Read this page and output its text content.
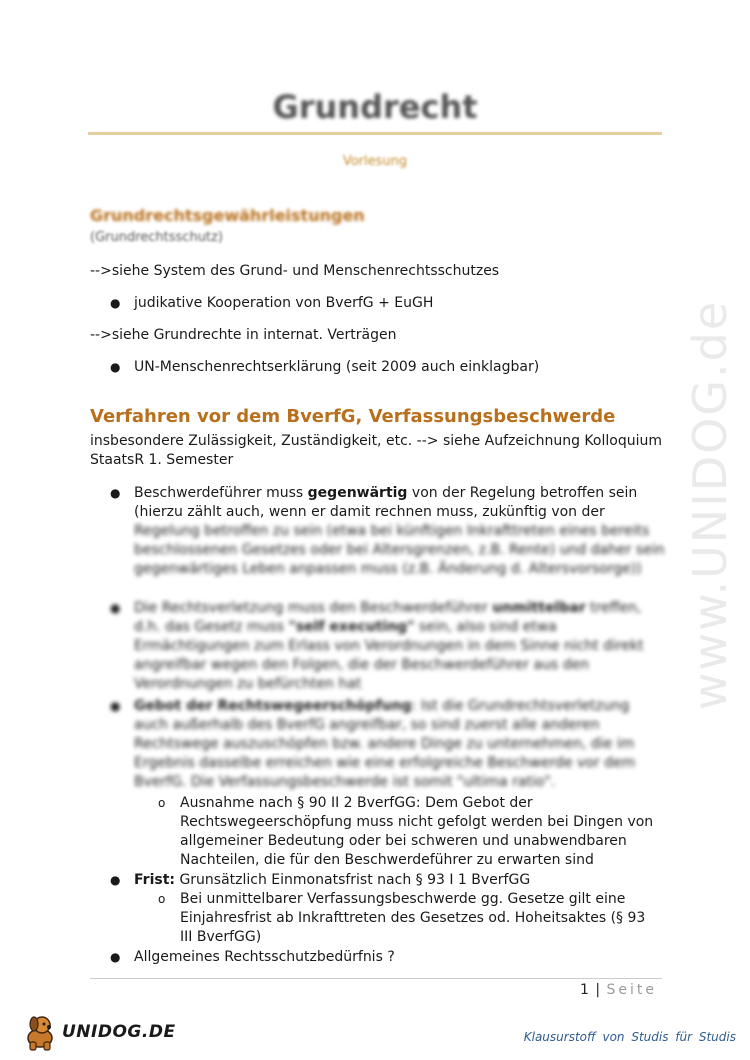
Grundrecht
Vorlesung
Grundrechtsgewährleistungen
(Grundrechtsschutz)
-->siehe System des Grund- und Menschenrechtsschutzes
● judikative Kooperation von BverfG + EuGH
-->siehe Grundrechte in internat. Verträgen
● UN-Menschenrechtserklärung (seit 2009 auch einklagbar)
Verfahren vor dem BverfG, Verfassungsbeschwerde
insbesondere Zulässigkeit, Zuständigkeit, etc. --> siehe Aufzeichnung Kolloquium StaatsR 1. Semester
● Beschwerdeführer muss gegenwärtig von der Regelung betroffen sein (hierzu zählt auch, wenn er damit rechnen muss, zukünftig von der Regelung betroffen zu sein (etwa bei künftigen Inkrafttreten eines bereits beschlossenen Gesetzes oder bei Altersgrenzen, z.B. Rente) und daher sein gegenwärtiges Leben anpassen muss (z.B. Änderung d. Altersvorsorge))
● Die Rechtsverletzung muss den Beschwerdeführer unmittelbar treffen, d.h. das Gesetz muss "self executing" sein, also sind etwa Ermächtigungen zum Erlass von Verordnungen in dem Sinne nicht direkt angreifbar wegen den Folgen, die der Beschwerdeführer aus den Verordnungen zu befürchten hat
● Gebot der Rechtswegeerschöpfung: Ist die Grundrechtsverletzung auch außerhalb des BverfG angreifbar, so sind zuerst alle anderen Rechtswege auszuschöpfen bzw. andere Dinge zu unternehmen, die im Ergebnis dasselbe erreichen wie eine erfolgreiche Beschwerde vor dem BverfG. Die Verfassungsbeschwerde ist somit "ultima ratio".
o Ausnahme nach § 90 II 2 BverfGG: Dem Gebot der Rechtswegeerschöpfung muss nicht gefolgt werden bei Dingen von allgemeiner Bedeutung oder bei schweren und unabwendbaren Nachteilen, die für den Beschwerdeführer zu erwarten sind
● Frist: Grunsätzlich Einmonatsfrist nach § 93 I 1 BverfGG
o Bei unmittelbarer Verfassungsbeschwerde gg. Gesetze gilt eine Einjahresfrist ab Inkrafttreten des Gesetzes od. Hoheitsaktes (§ 93 III BverfGG)
● Allgemeines Rechtsschutzbedürfnis ?
www.UNIDOG.de
1 | Seite
UNIDOG.DE	Klausurstoff von Studis für Studis
